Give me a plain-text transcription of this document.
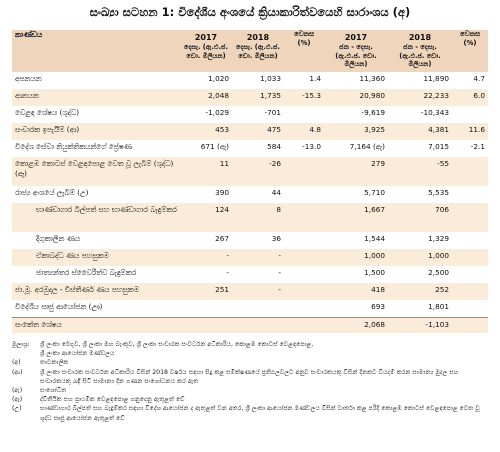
සංඛ්‍යා සටහන 1: විදේශීය අංශයේ ක්‍රියාකාරිත්වයෙහි සාරාංශය (අ)
කාණ්ඩය	2017	2018	වෙනස (%)	2017	2018	වෙනස (%)
	දෙසැ. (ඇ.එ.ජ. ඩො. මිලියන)	දෙසැ. (ඇ.එ.ජ. ඩො. මිලියන)		ජන - දෙසැ. (ඇ.එ.ජ. ඩො. මිලියන)	ජන - දෙසැ. (ඇ.එ.ජ. ඩො. මිලියන)	
අපනයන	1,020	1,033	1.4	11,360	11,890	4.7
ආනයන	2,048	1,735	-15.3	20,980	22,233	6.0
වෙළඳ ශේෂය (ශුද්ධ)	-1,029	-701		-9,619	-10,343	
සංචාරක ඉපැයීම් (ආ)	453	475	4.8	3,925	4,381	11.6
විදේශ සේවා නියුක්තිකයන්ගේ ප්‍රේෂණ	671 (ඇ)	584	-13.0	7,164 (ඇ)	7,015	-2.1
කොළඹ කොටස් වෙළඳපොළ වෙත වූ ලැබීම් (ශුද්ධ) (ඈ)	11	-26		279	-55	
රාජ්‍ය අංශයේ ලැබීම් (උ)	390	44		5,710	5,535	
භාණ්ඩාගාර බිල්පත් සහ භාණ්ඩාගාර බැඳුම්කර	124	8		1,667	706	
දිගුකාලීන ණය	267	36		1,544	1,329	
ඒකාබද්ධ ණය පහසුකම	-	-		1,000	1,000	
ජාත්‍යන්තර ස්වෛරීත්ව බැඳුම්කර	-	-		1,500	2,500	
ජා.මූ. අරමුදල - විස්තීර්ණ ණය පහසුකම	251	-		418	252	
විදේශීය සෘජු ආයෝජන (ඌ)				693	1,801	
සංකේත ශේෂය				2,068	-1,103	
මූලාශ්‍ර:	ශ්‍රී ලංකා රේගුව, ශ්‍රී ලංකා මහ බැංකුව, ශ්‍රී ලංකා සංචාරක සංවර්ධන අධිකාරිය, කොළඹ කොටස් වෙළඳපොළ,
ශ්‍රී ලංකා ආයෝජන මණ්ඩලය
(අ)	තාවකාලික
(ආ)	ශ්‍රී ලංකා සංචාරක සංවර්ධන අධිකාරිය විසින් 2018 වර්ෂය සඳහා සිදු කළ සමීක්ෂණයේ ප්‍රතිඵලවලට අනුව සංචාරකයකු විසින් දිනකට වියදම් කරන සාමාන්‍ය මුදල සහ සංචාරකයකු රැඳී සිටි සාමාන්‍ය දින ගණන සංශෝධනය කර ඇත
(ඇ)	සංශෝධිත
(ඈ)	ද්විතීයික සහ ප්‍රාථමික වෙළඳපොළ ගනුදෙනු ඇතුළත් වේ
(උ)	භාණ්ඩාගාර බිල්පත් සහ බැඳුම්කර සඳහා විදේශ ආයෝජන ද ඇතුළත් වන අතර, ශ්‍රී ලංකා ආයෝජන මණ්ඩලය විසින් වාර්තා කළ පරිදි කොළඹ කොටස් වෙළඳපොළ වෙත වූ ශුද්ධ සෘජු ආයෝජන ඇතුළත් වේ
